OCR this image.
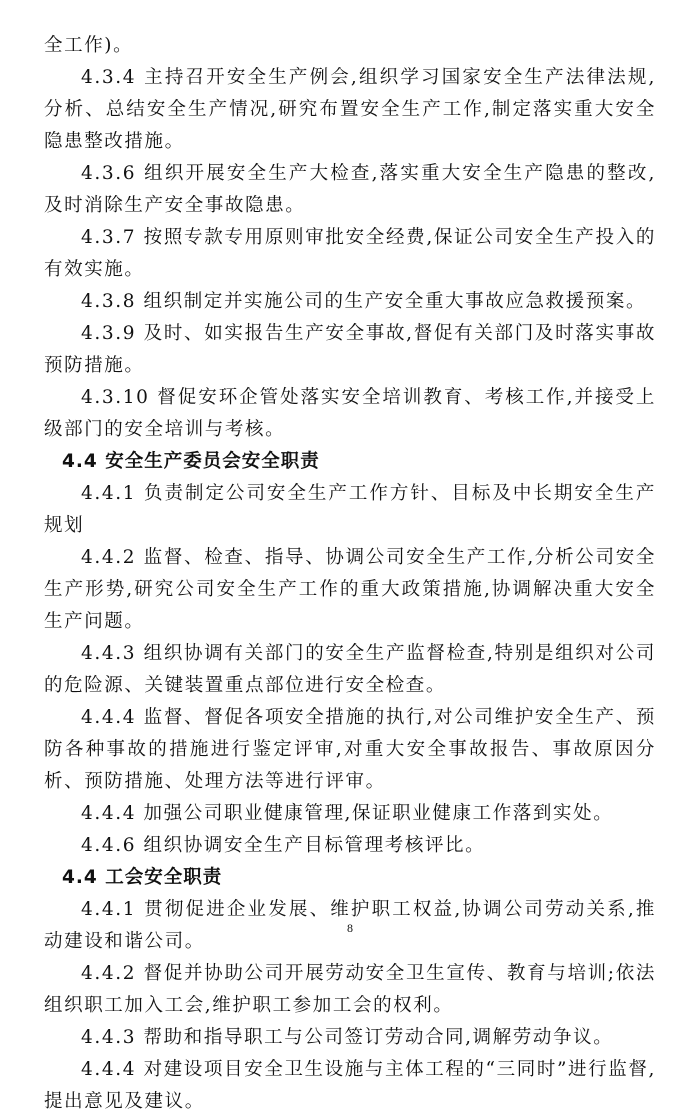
全工作)。

4.3.4 主持召开安全生产例会,组织学习国家安全生产法律法规,分析、总结安全生产情况,研究布置安全生产工作,制定落实重大安全隐患整改措施。

4.3.6 组织开展安全生产大检查,落实重大安全生产隐患的整改,及时消除生产安全事故隐患。

4.3.7 按照专款专用原则审批安全经费,保证公司安全生产投入的有效实施。

4.3.8 组织制定并实施公司的生产安全重大事故应急救援预案。

4.3.9 及时、如实报告生产安全事故,督促有关部门及时落实事故预防措施。

4.3.10 督促安环企管处落实安全培训教育、考核工作,并接受上级部门的安全培训与考核。

4.4 安全生产委员会安全职责

4.4.1 负责制定公司安全生产工作方针、目标及中长期安全生产规划

4.4.2 监督、检查、指导、协调公司安全生产工作,分析公司安全生产形势,研究公司安全生产工作的重大政策措施,协调解决重大安全生产问题。

4.4.3 组织协调有关部门的安全生产监督检查,特别是组织对公司的危险源、关键装置重点部位进行安全检查。

4.4.4 监督、督促各项安全措施的执行,对公司维护安全生产、预防各种事故的措施进行鉴定评审,对重大安全事故报告、事故原因分析、预防措施、处理方法等进行评审。

4.4.4 加强公司职业健康管理,保证职业健康工作落到实处。

4.4.6 组织协调安全生产目标管理考核评比。

4.4 工会安全职责

4.4.1 贯彻促进企业发展、维护职工权益,协调公司劳动关系,推动建设和谐公司。

4.4.2 督促并协助公司开展劳动安全卫生宣传、教育与培训;依法组织职工加入工会,维护职工参加工会的权利。

4.4.3 帮助和指导职工与公司签订劳动合同,调解劳动争议。

4.4.4 对建设项目安全卫生设施与主体工程的“三同时”进行监督,提出意见及建议。

8
